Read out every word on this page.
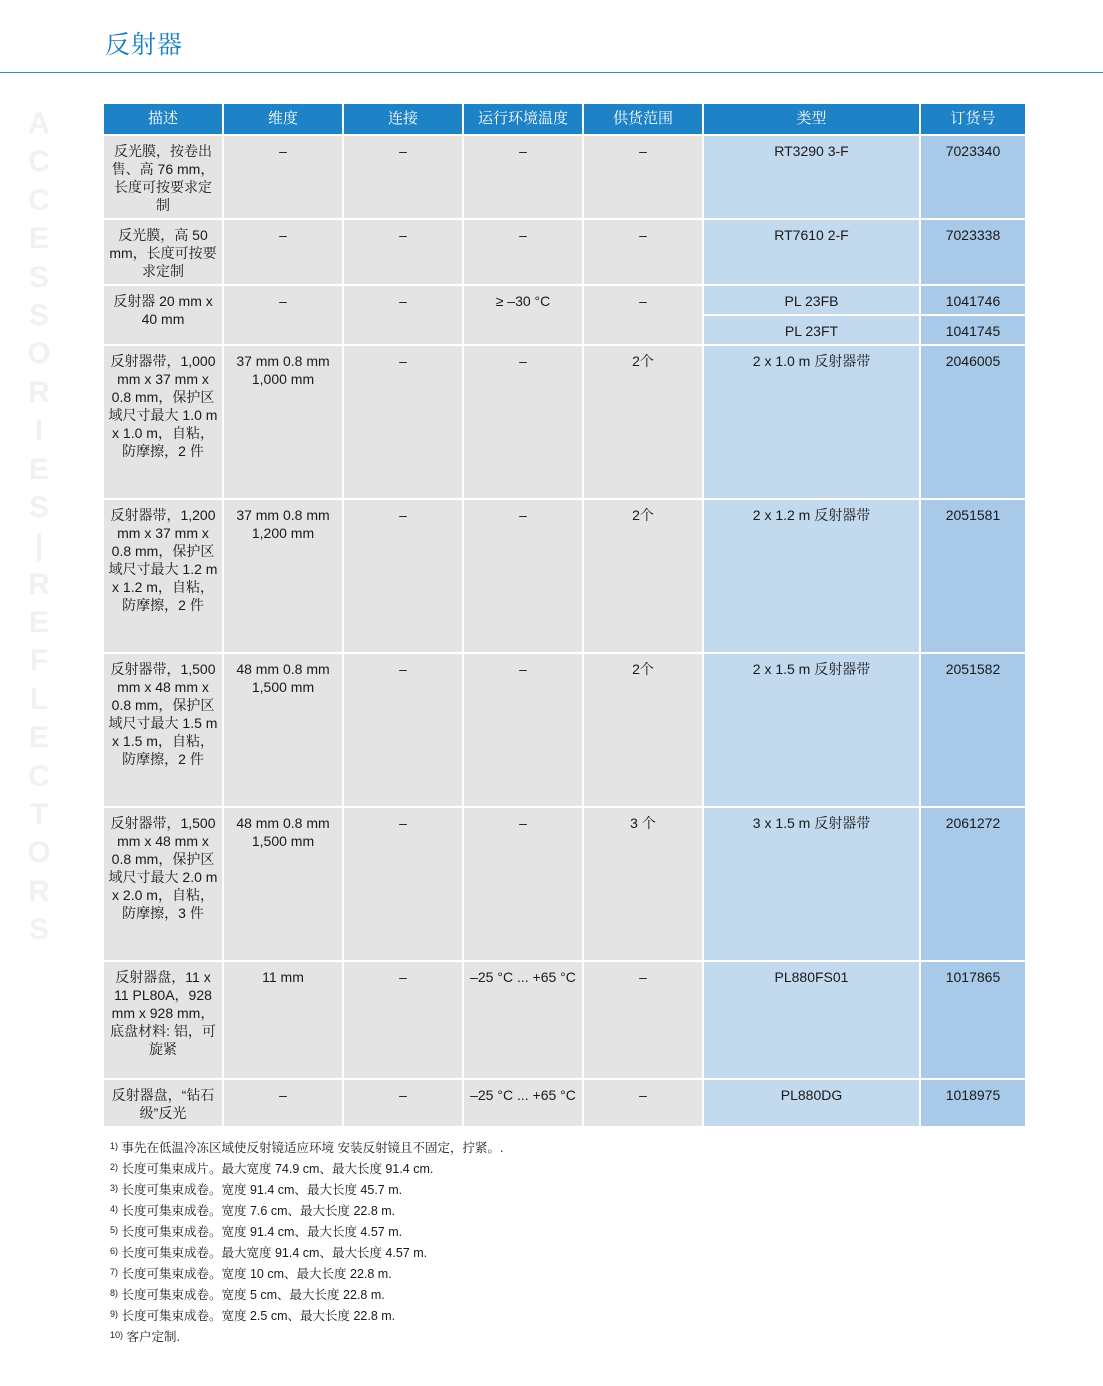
反射器
A
C
C
E
S
S
O
R
I
E
S
|
R
E
F
L
E
C
T
O
R
S
描述	维度	连接	运行环境温度	供货范围	类型	订货号
反光膜，按卷出售、高 76 mm，长度可按要求定制	–	–	–	–	RT3290 3-F	7023340
反光膜，高 50 mm，长度可按要求定制	–	–	–	–	RT7610 2-F	7023338
反射器 20 mm x 40 mm	–	–	≥ –30 °C	–	PL 23FB	1041746
					PL 23FT	1041745
反射器带，1,000 mm x 37 mm x 0.8 mm，保护区域尺寸最大 1.0 m x 1.0 m，自粘，防摩擦，2 件	37 mm 0.8 mm 1,000 mm	–	–	2个	2 x 1.0 m 反射器带	2046005
反射器带，1,200 mm x 37 mm x 0.8 mm，保护区域尺寸最大 1.2 m x 1.2 m，自粘，防摩擦，2 件	37 mm 0.8 mm 1,200 mm	–	–	2个	2 x 1.2 m 反射器带	2051581
反射器带，1,500 mm x 48 mm x 0.8 mm，保护区域尺寸最大 1.5 m x 1.5 m，自粘，防摩擦，2 件	48 mm 0.8 mm 1,500 mm	–	–	2个	2 x 1.5 m 反射器带	2051582
反射器带，1,500 mm x 48 mm x 0.8 mm，保护区域尺寸最大 2.0 m x 2.0 m，自粘，防摩擦，3 件	48 mm 0.8 mm 1,500 mm	–	–	3 个	3 x 1.5 m 反射器带	2061272
反射器盘，11 x 11 PL80A，928 mm x 928 mm，底盘材料: 铝，可旋紧	11 mm	–	–25 °C ... +65 °C	–	PL880FS01	1017865
反射器盘，“钻石级”反光	–	–	–25 °C ... +65 °C	–	PL880DG	1018975
$^{1)}$ 事先在低温冷冻区域使反射镜适应环境 安装反射镜且不固定，拧紧。.
$^{2)}$ 长度可集束成片。最大宽度 74.9 cm、最大长度 91.4 cm.
$^{3)}$ 长度可集束成卷。宽度 91.4 cm、最大长度 45.7 m.
$^{4)}$ 长度可集束成卷。宽度 7.6 cm、最大长度 22.8 m.
$^{5)}$ 长度可集束成卷。宽度 91.4 cm、最大长度 4.57 m.
$^{6)}$ 长度可集束成卷。最大宽度 91.4 cm、最大长度 4.57 m.
$^{7)}$ 长度可集束成卷。宽度 10 cm、最大长度 22.8 m.
$^{8)}$ 长度可集束成卷。宽度 5 cm、最大长度 22.8 m.
$^{9)}$ 长度可集束成卷。宽度 2.5 cm、最大长度 22.8 m.
$^{10)}$ 客户定制.
